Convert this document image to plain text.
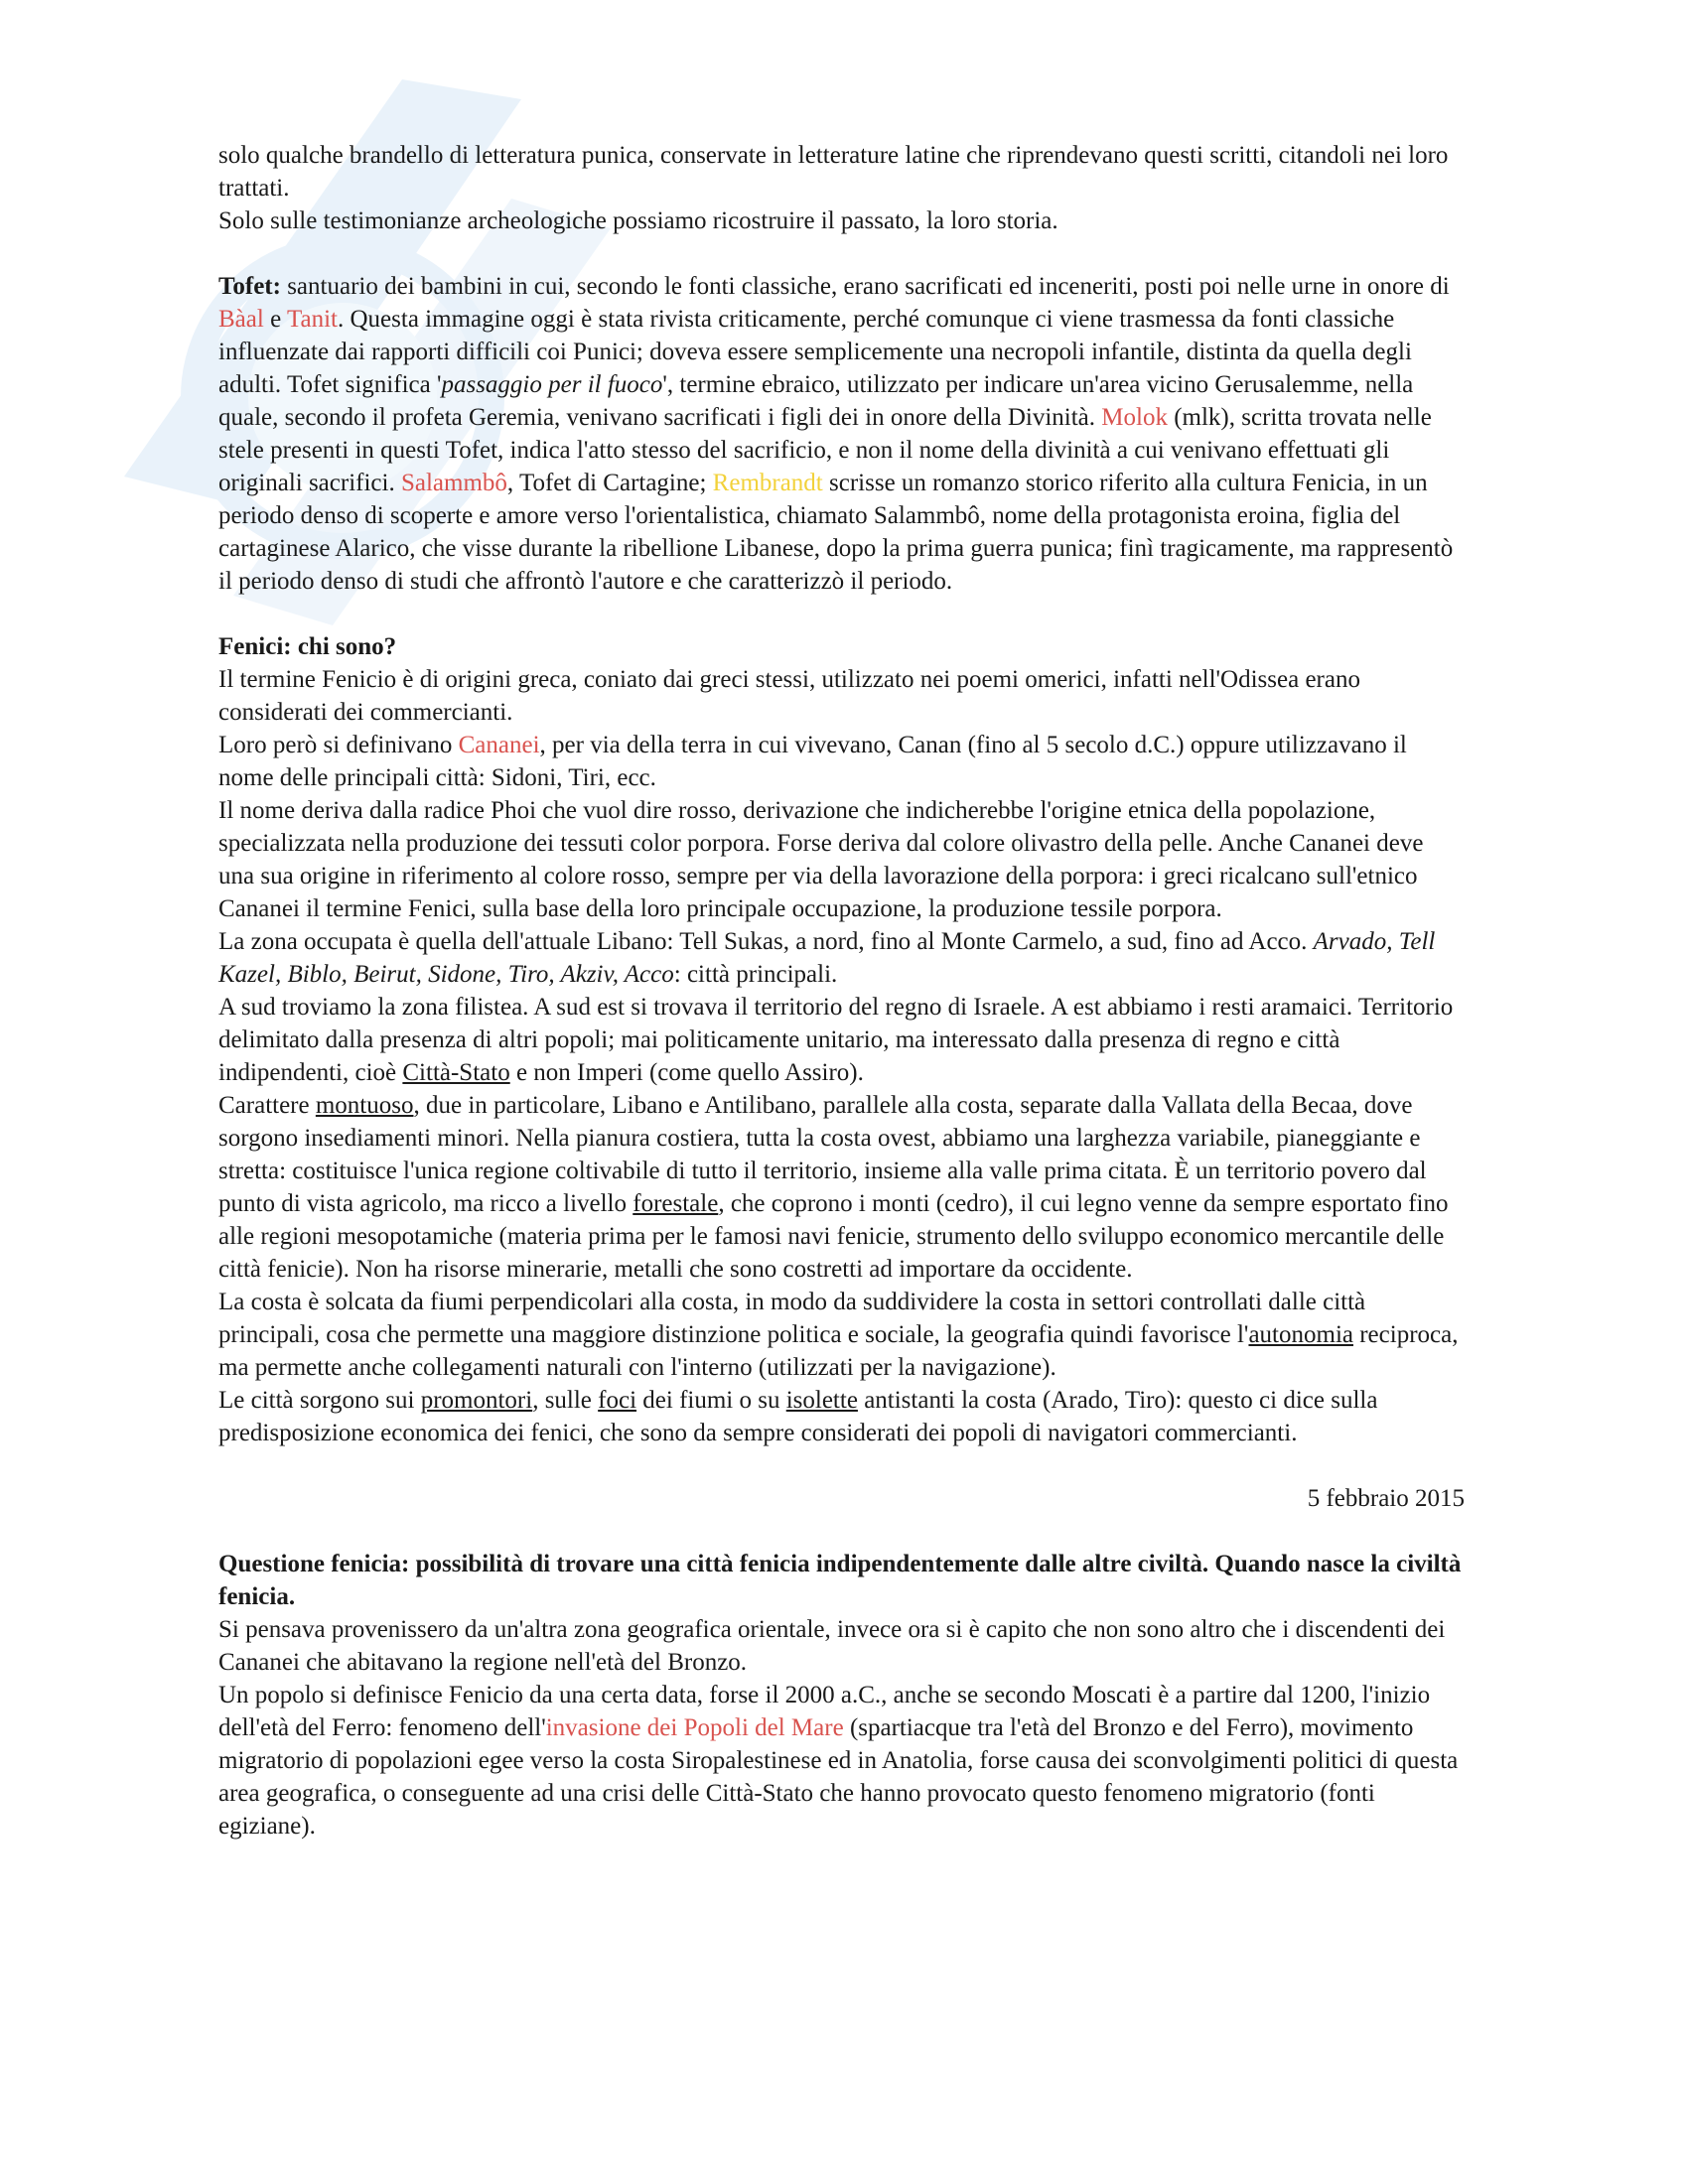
solo qualche brandello di letteratura punica, conservate in letterature latine che riprendevano questi scritti, citandoli nei loro trattati.

Solo sulle testimonianze archeologiche possiamo ricostruire il passato, la loro storia.

Tofet: santuario dei bambini in cui, secondo le fonti classiche, erano sacrificati ed inceneriti, posti poi nelle urne in onore di Bàal e Tanit. Questa immagine oggi è stata rivista criticamente, perché comunque ci viene trasmessa da fonti classiche influenzate dai rapporti difficili coi Punici; doveva essere semplicemente una necropoli infantile, distinta da quella degli adulti. Tofet significa 'passaggio per il fuoco', termine ebraico, utilizzato per indicare un'area vicino Gerusalemme, nella quale, secondo il profeta Geremia, venivano sacrificati i figli dei in onore della Divinità. Molok (mlk), scritta trovata nelle stele presenti in questi Tofet, indica l'atto stesso del sacrificio, e non il nome della divinità a cui venivano effettuati gli originali sacrifici. Salammbô, Tofet di Cartagine; Rembrandt scrisse un romanzo storico riferito alla cultura Fenicia, in un periodo denso di scoperte e amore verso l'orientalistica, chiamato Salammbô, nome della protagonista eroina, figlia del cartaginese Alarico, che visse durante la ribellione Libanese, dopo la prima guerra punica; finì tragicamente, ma rappresentò il periodo denso di studi che affrontò l'autore e che caratterizzò il periodo.

Fenici: chi sono?

Il termine Fenicio è di origini greca, coniato dai greci stessi, utilizzato nei poemi omerici, infatti nell'Odissea erano considerati dei commercianti.

Loro però si definivano Cananei, per via della terra in cui vivevano, Canan (fino al 5 secolo d.C.) oppure utilizzavano il nome delle principali città: Sidoni, Tiri, ecc.

Il nome deriva dalla radice Phoi che vuol dire rosso, derivazione che indicherebbe l'origine etnica della popolazione, specializzata nella produzione dei tessuti color porpora. Forse deriva dal colore olivastro della pelle. Anche Cananei deve una sua origine in riferimento al colore rosso, sempre per via della lavorazione della porpora: i greci ricalcano sull'etnico Cananei il termine Fenici, sulla base della loro principale occupazione, la produzione tessile porpora.

La zona occupata è quella dell'attuale Libano: Tell Sukas, a nord, fino al Monte Carmelo, a sud, fino ad Acco. Arvado, Tell Kazel, Biblo, Beirut, Sidone, Tiro, Akziv, Acco: città principali.

A sud troviamo la zona filistea. A sud est si trovava il territorio del regno di Israele. A est abbiamo i resti aramaici. Territorio delimitato dalla presenza di altri popoli; mai politicamente unitario, ma interessato dalla presenza di regno e città indipendenti, cioè Città-Stato e non Imperi (come quello Assiro).

Carattere montuoso, due in particolare, Libano e Antilibano, parallele alla costa, separate dalla Vallata della Becaa, dove sorgono insediamenti minori. Nella pianura costiera, tutta la costa ovest, abbiamo una larghezza variabile, pianeggiante e stretta: costituisce l'unica regione coltivabile di tutto il territorio, insieme alla valle prima citata. È un territorio povero dal punto di vista agricolo, ma ricco a livello forestale, che coprono i monti (cedro), il cui legno venne da sempre esportato fino alle regioni mesopotamiche (materia prima per le famosi navi fenicie, strumento dello sviluppo economico mercantile delle città fenicie). Non ha risorse minerarie, metalli che sono costretti ad importare da occidente.

La costa è solcata da fiumi perpendicolari alla costa, in modo da suddividere la costa in settori controllati dalle città principali, cosa che permette una maggiore distinzione politica e sociale, la geografia quindi favorisce l'autonomia reciproca, ma permette anche collegamenti naturali con l'interno (utilizzati per la navigazione).

Le città sorgono sui promontori, sulle foci dei fiumi o su isolette antistanti la costa (Arado, Tiro): questo ci dice sulla predisposizione economica dei fenici, che sono da sempre considerati dei popoli di navigatori commercianti.

5 febbraio 2015

Questione fenicia: possibilità di trovare una città fenicia indipendentemente dalle altre civiltà. Quando nasce la civiltà fenicia.

Si pensava provenissero da un'altra zona geografica orientale, invece ora si è capito che non sono altro che i discendenti dei Cananei che abitavano la regione nell'età del Bronzo.

Un popolo si definisce Fenicio da una certa data, forse il 2000 a.C., anche se secondo Moscati è a partire dal 1200, l'inizio dell'età del Ferro: fenomeno dell'invasione dei Popoli del Mare (spartiacque tra l'età del Bronzo e del Ferro), movimento migratorio di popolazioni egee verso la costa Siropalestinese ed in Anatolia, forse causa dei sconvolgimenti politici di questa area geografica, o conseguente ad una crisi delle Città-Stato che hanno provocato questo fenomeno migratorio (fonti egiziane).
